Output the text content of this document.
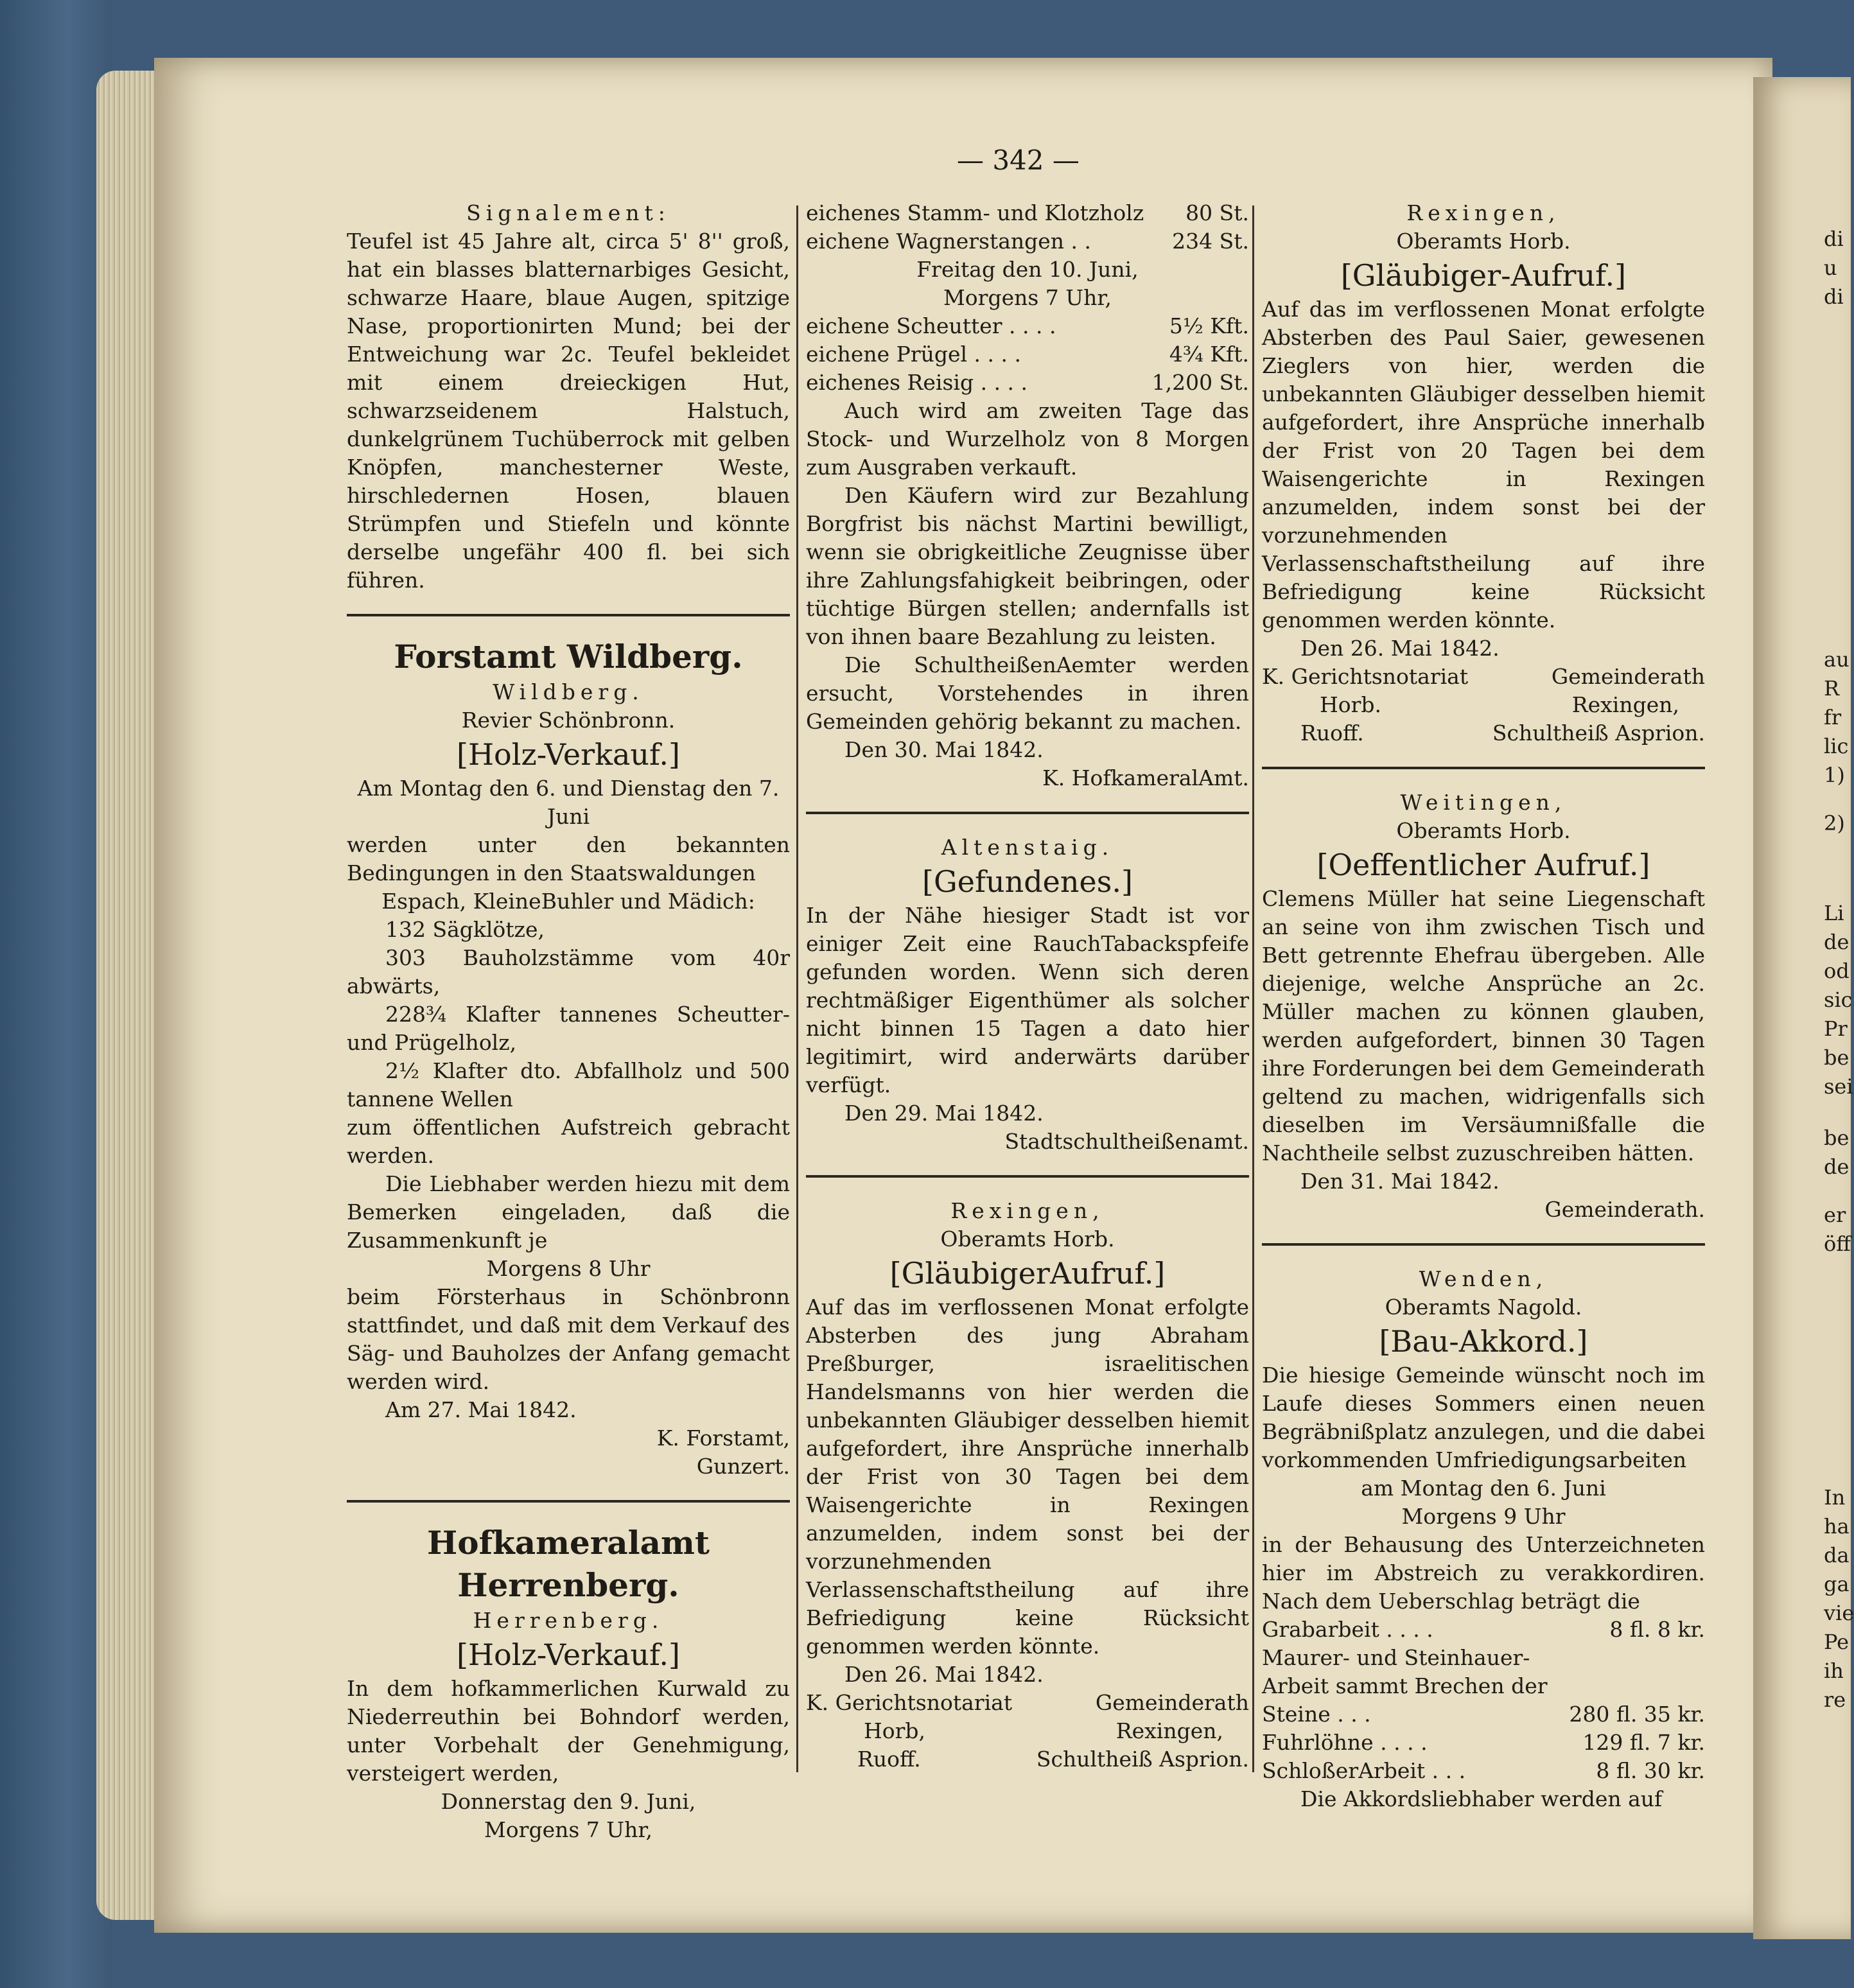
— 342 —

Signalement:

Teufel ist 45 Jahre alt, circa 5' 8'' groß, hat ein blasses blatternarbiges Gesicht, schwarze Haare, blaue Augen, spitzige Nase, proportionirten Mund; bei der Entweichung war 2c. Teufel bekleidet mit einem dreieckigen Hut, schwarzseidenem Halstuch, dunkelgrünem Tuchüberrock mit gelben Knöpfen, manchesterner Weste, hirschledernen Hosen, blauen Strümpfen und Stiefeln und könnte derselbe ungefähr 400 fl. bei sich führen.

Forstamt Wildberg.

Wildberg.

Revier Schönbronn.

[Holz-Verkauf.]

Am Montag den 6. und Dienstag den 7. Juni

werden unter den bekannten Bedingungen in den Staatswaldungen

Espach, KleineBuhler und Mädich:

132 Sägklötze,

303 Bauholzstämme vom 40r abwärts,

228¾ Klafter tannenes Scheutter- und Prügelholz,

2½ Klafter dto. Abfallholz und 500 tannene Wellen

zum öffentlichen Aufstreich gebracht werden.

Die Liebhaber werden hiezu mit dem Bemerken eingeladen, daß die Zusammenkunft je

Morgens 8 Uhr

beim Försterhaus in Schönbronn stattfindet, und daß mit dem Verkauf des Säg- und Bauholzes der Anfang gemacht werden wird.

Am 27. Mai 1842.

K. Forstamt,

Gunzert.

Hofkameralamt Herrenberg.

Herrenberg.

[Holz-Verkauf.]

In dem hofkammerlichen Kurwald zu Niederreuthin bei Bohndorf werden, unter Vorbehalt der Genehmigung, versteigert werden,

Donnerstag den 9. Juni,

Morgens 7 Uhr,

eichenes Stamm- und Klotzholz 80 St.
eichene Wagnerstangen . .	234 St.

Freitag den 10. Juni,

Morgens 7 Uhr,

eichene Scheutter . . . .	5½ Kft.
eichene Prügel . . . .	4¾ Kft.
eichenes Reisig . . . .	1,200 St.

Auch wird am zweiten Tage das Stock- und Wurzelholz von 8 Morgen zum Ausgraben verkauft.

Den Käufern wird zur Bezahlung Borgfrist bis nächst Martini bewilligt, wenn sie obrigkeitliche Zeugnisse über ihre Zahlungsfahigkeit beibringen, oder tüchtige Bürgen stellen; andernfalls ist von ihnen baare Bezahlung zu leisten.

Die SchultheißenAemter werden ersucht, Vorstehendes in ihren Gemeinden gehörig bekannt zu machen.

Den 30. Mai 1842.

K. HofkameralAmt.

Altenstaig.

[Gefundenes.]

In der Nähe hiesiger Stadt ist vor einiger Zeit eine RauchTabackspfeife gefunden worden. Wenn sich deren rechtmäßiger Eigenthümer als solcher nicht binnen 15 Tagen a dato hier legitimirt, wird anderwärts darüber verfügt.

Den 29. Mai 1842.

Stadtschultheißenamt.

Rexingen,

Oberamts Horb.

[GläubigerAufruf.]

Auf das im verflossenen Monat erfolgte Absterben des jung Abraham Preßburger, israelitischen Handelsmanns von hier werden die unbekannten Gläubiger desselben hiemit aufgefordert, ihre Ansprüche innerhalb der Frist von 30 Tagen bei dem Waisengerichte in Rexingen anzumelden, indem sonst bei der vorzunehmenden Verlassenschaftstheilung auf ihre Befriedigung keine Rücksicht genommen werden könnte.

Den 26. Mai 1842.

K. Gerichtsnotariat	Gemeinderath
Horb,	Rexingen,
Ruoff.	Schultheiß Asprion.

Rexingen,

Oberamts Horb.

[Gläubiger-Aufruf.]

Auf das im verflossenen Monat erfolgte Absterben des Paul Saier, gewesenen Zieglers von hier, werden die unbekannten Gläubiger desselben hiemit aufgefordert, ihre Ansprüche innerhalb der Frist von 20 Tagen bei dem Waisengerichte in Rexingen anzumelden, indem sonst bei der vorzunehmenden Verlassenschaftstheilung auf ihre Befriedigung keine Rücksicht genommen werden könnte.

Den 26. Mai 1842.

K. Gerichtsnotariat	Gemeinderath
Horb.	Rexingen,
Ruoff.	Schultheiß Asprion.

Weitingen,

Oberamts Horb.

[Oeffentlicher Aufruf.]

Clemens Müller hat seine Liegenschaft an seine von ihm zwischen Tisch und Bett getrennte Ehefrau übergeben. Alle diejenige, welche Ansprüche an 2c. Müller machen zu können glauben, werden aufgefordert, binnen 30 Tagen ihre Forderungen bei dem Gemeinderath geltend zu machen, widrigenfalls sich dieselben im Versäumnißfalle die Nachtheile selbst zuzuschreiben hätten.

Den 31. Mai 1842.

Gemeinderath.

Wenden,

Oberamts Nagold.

[Bau-Akkord.]

Die hiesige Gemeinde wünscht noch im Laufe dieses Sommers einen neuen Begräbnißplatz anzulegen, und die dabei vorkommenden Umfriedigungsarbeiten

am Montag den 6. Juni

Morgens 9 Uhr

in der Behausung des Unterzeichneten hier im Abstreich zu verakkordiren. Nach dem Ueberschlag beträgt die

Grabarbeit . . . .	8 fl. 8 kr.
Maurer- und Steinhauer-Arbeit sammt Brechen der Steine . . .	280 fl. 35 kr.
Fuhrlöhne . . . .	129 fl. 7 kr.
SchloßerArbeit . . .	8 fl. 30 kr.

Die Akkordsliebhaber werden auf

di
u
di
au
R
fr
lic
1)
2)
Li
de
od
sic
Pr
be
sei
be
de
er
öff
In
ha
da
ga
vie
Pe
ih
re
